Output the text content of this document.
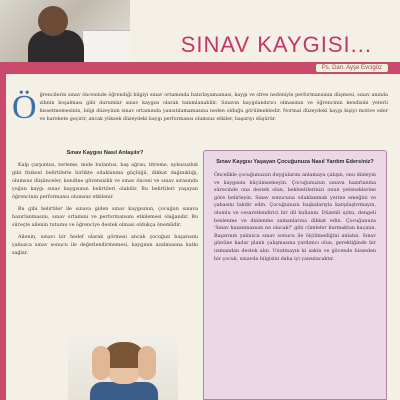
SINAV KAYGISI...
Ps. Dan. Ayşe Evcigöz
Ö ğrencilerin sınav öncesinde öğrendiği bilgiyi sınav ortamında hatırlayamaması, kaygı ve stres nedeniyle performansının düşmesi, sınav anında zihnin boşalması gibi durumlar sınav kaygısı olarak tanımlanabilir. Sınavın kaygılandırıcı olmasının ve öğrencinin kendisini yeterli hissetmemesinin, bilgi düzeyinin sınav ortamında yansıtılamamasına neden olduğu görülmektedir. Normal düzeydeki kaygı kişiyi motive eder ve harekete geçirir, ancak yüksek düzeydeki kaygı performansı olumsuz etkiler, başarıyı düşürür.

Sınav Kaygısı Nasıl Anlaşılır?

Kalp çarpıntısı, terleme, mide bulantısı, baş ağrısı, titreme, uykusuzluk gibi fiziksel belirtilerle birlikte odaklanma güçlüğü, dikkat dağınıklığı, olumsuz düşünceler, kendine güvensizlik ve sınav öncesi ve sınav sırasında yoğun kaygı sınav kaygısının belirtileri olabilir. Bu belirtileri yaşayan öğrencinin performansı olumsuz etkilenir.

Bu gibi belirtiler ile sınava giden sınav kaygısının, çocuğun sınava hazırlanmasını, sınav ortamını ve performansını etkilemesi olağandır. Bu süreçte ailenin tutumu ve öğrenciye destek olması oldukça önemlidir.

Ailenin, sınavı bir hedef olarak görmesi ancak çocuğun başarısını yalnızca sınav sonucu ile değerlendirmemesi, kaygının azalmasına katkı sağlar.

Sınav Kaygısı Yaşayan Çocuğunuza Nasıl Yardım Edersiniz?

Öncelikle çocuğunuzun duygularını anlamaya çalışın, onu dinleyin ve kaygısını küçümsemeyin. Çocuğunuzun sınava hazırlanma sürecinde ona destek olun, beklentilerinizi onun yeteneklerine göre belirleyin. Sınav sonucuna odaklanmak yerine emeğini ve çabasını takdir edin. Çocuğunuzu başkalarıyla karşılaştırmayın, olumlu ve cesaretlendirici bir dil kullanın. Düzenli uyku, dengeli beslenme ve dinlenme zamanlarına dikkat edin. Çocuğunuza 'Sınav kazanmazsan ne olacak?' gibi cümleler kurmaktan kaçının. Başarının yalnızca sınav sonucu ile ölçülmediğini anlatın. Sınav gününe kadar planlı çalışmasına yardımcı olun, gerektiğinde bir uzmandan destek alın. Unutmayın ki sakin ve güvende hisseden bir çocuk, sınavda bilgisini daha iyi yansıtacaktır.
